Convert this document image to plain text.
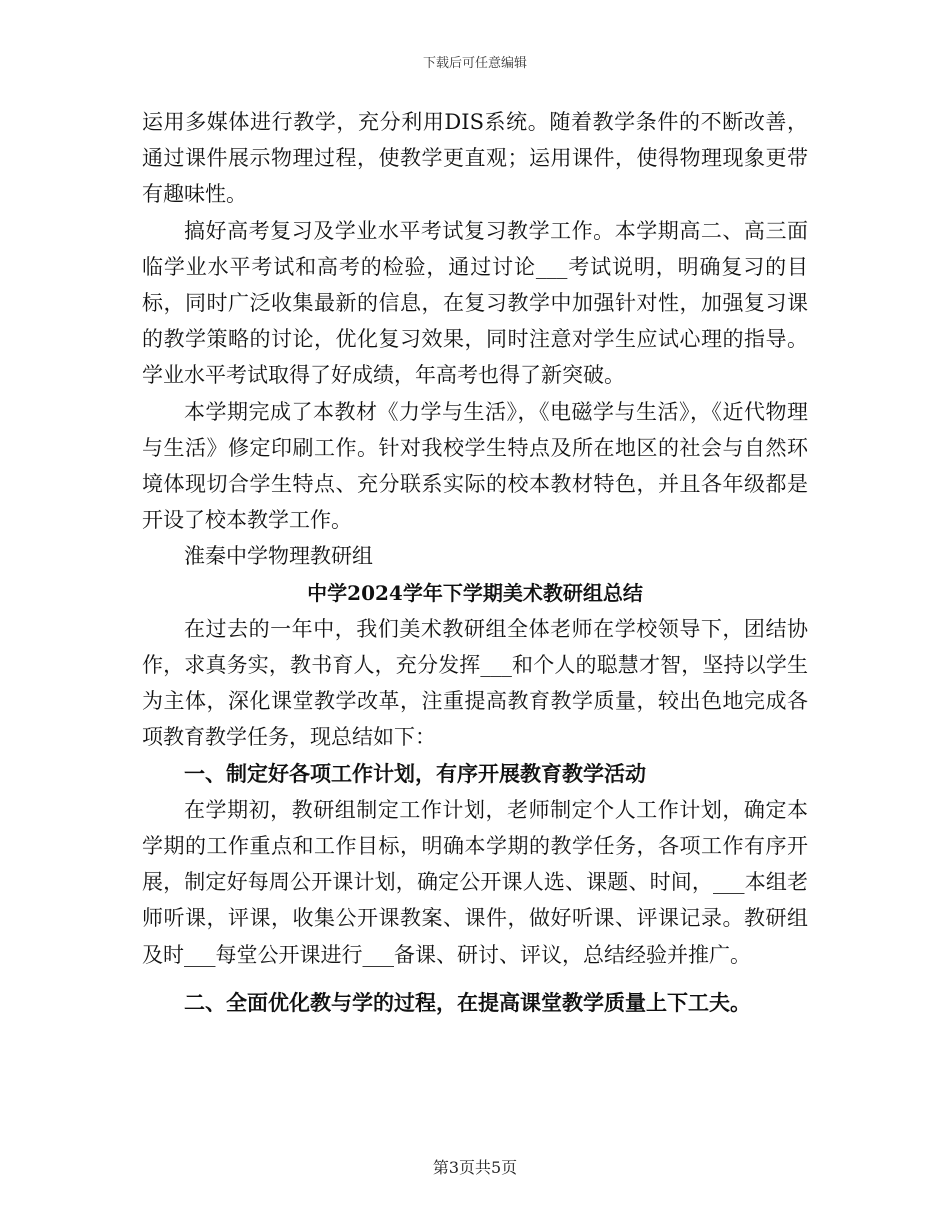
下载后可任意编辑

运用多媒体进行教学，充分利用DIS系统。随着教学条件的不断改善，通过课件展示物理过程，使教学更直观；运用课件，使得物理现象更带有趣味性。

搞好高考复习及学业水平考试复习教学工作。本学期高二、高三面临学业水平考试和高考的检验，通过讨论___考试说明，明确复习的目标，同时广泛收集最新的信息，在复习教学中加强针对性，加强复习课的教学策略的讨论，优化复习效果，同时注意对学生应试心理的指导。学业水平考试取得了好成绩，年高考也得了新突破。

本学期完成了本教材《力学与生活》，《电磁学与生活》，《近代物理与生活》修定印刷工作。针对我校学生特点及所在地区的社会与自然环境体现切合学生特点、充分联系实际的校本教材特色，并且各年级都是开设了校本教学工作。

淮秦中学物理教研组

中学2024学年下学期美术教研组总结

在过去的一年中，我们美术教研组全体老师在学校领导下，团结协作，求真务实，教书育人，充分发挥___和个人的聪慧才智，坚持以学生为主体，深化课堂教学改革，注重提高教育教学质量，较出色地完成各项教育教学任务，现总结如下：

一、制定好各项工作计划，有序开展教育教学活动

在学期初，教研组制定工作计划，老师制定个人工作计划，确定本学期的工作重点和工作目标，明确本学期的教学任务，各项工作有序开展，制定好每周公开课计划，确定公开课人选、课题、时间，___本组老师听课，评课，收集公开课教案、课件，做好听课、评课记录。教研组及时___每堂公开课进行___备课、研讨、评议，总结经验并推广。

二、全面优化教与学的过程，在提高课堂教学质量上下工夫。

第3页共5页
